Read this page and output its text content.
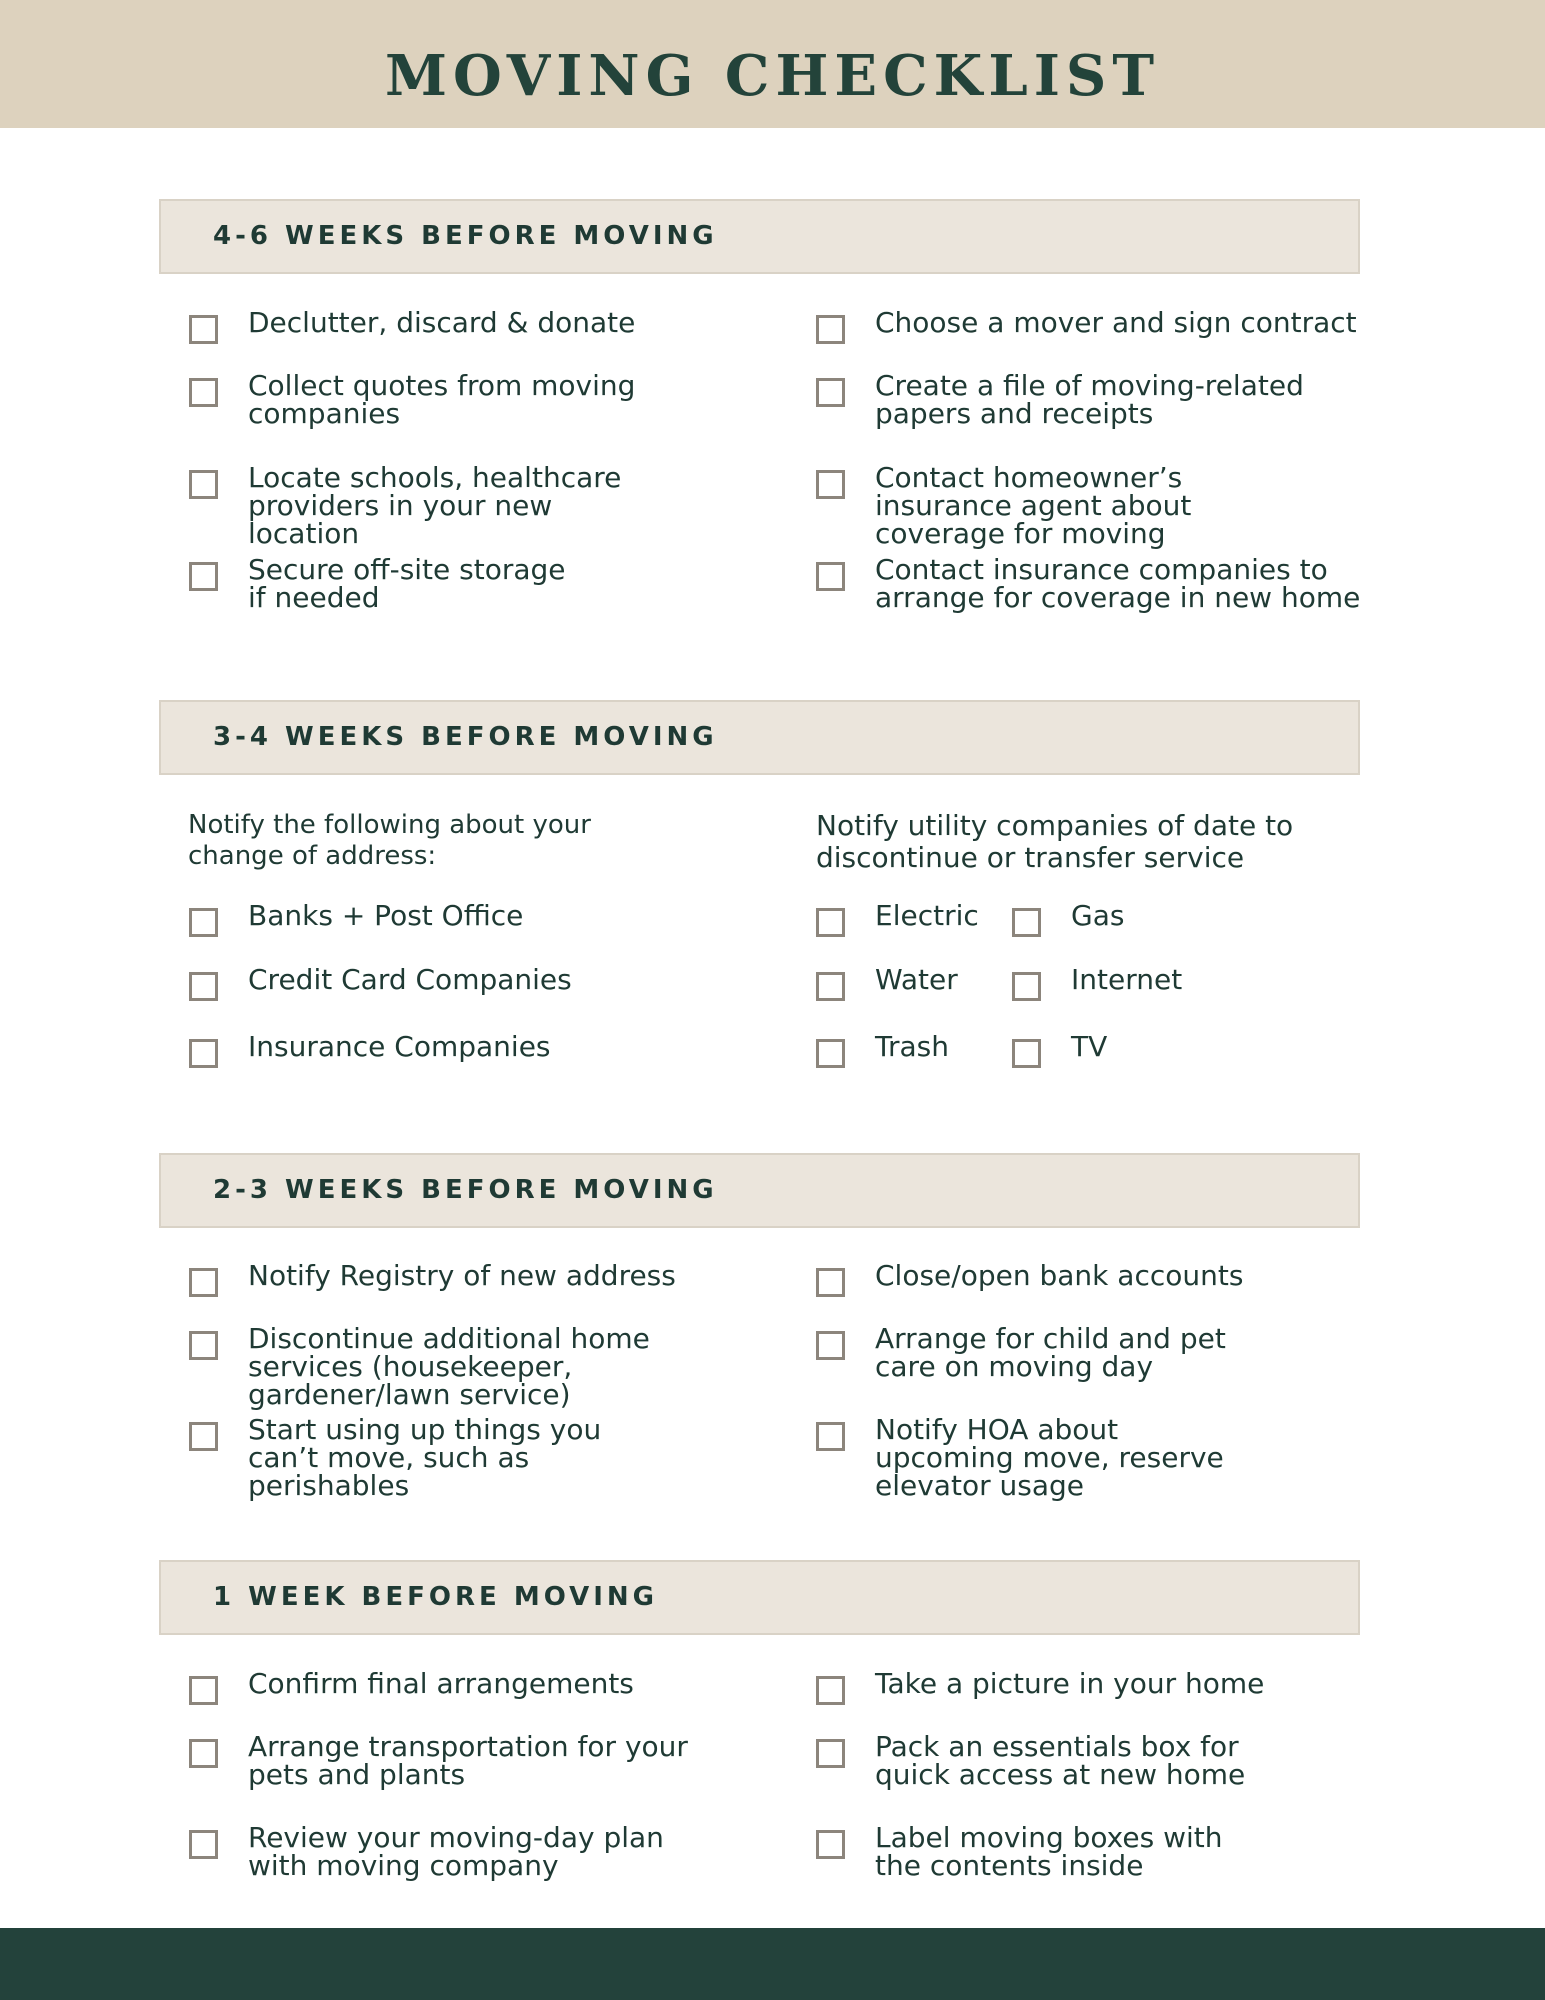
MOVING CHECKLIST
4-6 WEEKS BEFORE MOVING
Declutter, discard & donate
Collect quotes from moving
companies
Locate schools, healthcare
providers in your new
location
Secure off-site storage
if needed
Choose a mover and sign contract
Create a file of moving-related
papers and receipts
Contact homeowner’s
insurance agent about
coverage for moving
Contact insurance companies to
arrange for coverage in new home
3-4 WEEKS BEFORE MOVING
Notify the following about your
change of address:
Notify utility companies of date to
discontinue or transfer service
Banks + Post Office
Credit Card Companies
Insurance Companies
Electric
Water
Trash
Gas
Internet
TV
2-3 WEEKS BEFORE MOVING
Notify Registry of new address
Discontinue additional home
services (housekeeper,
gardener/lawn service)
Start using up things you
can’t move, such as
perishables
Close/open bank accounts
Arrange for child and pet
care on moving day
Notify HOA about
upcoming move, reserve
elevator usage
1 WEEK BEFORE MOVING
Confirm final arrangements
Arrange transportation for your
pets and plants
Review your moving-day plan
with moving company
Take a picture in your home
Pack an essentials box for
quick access at new home
Label moving boxes with
the contents inside
